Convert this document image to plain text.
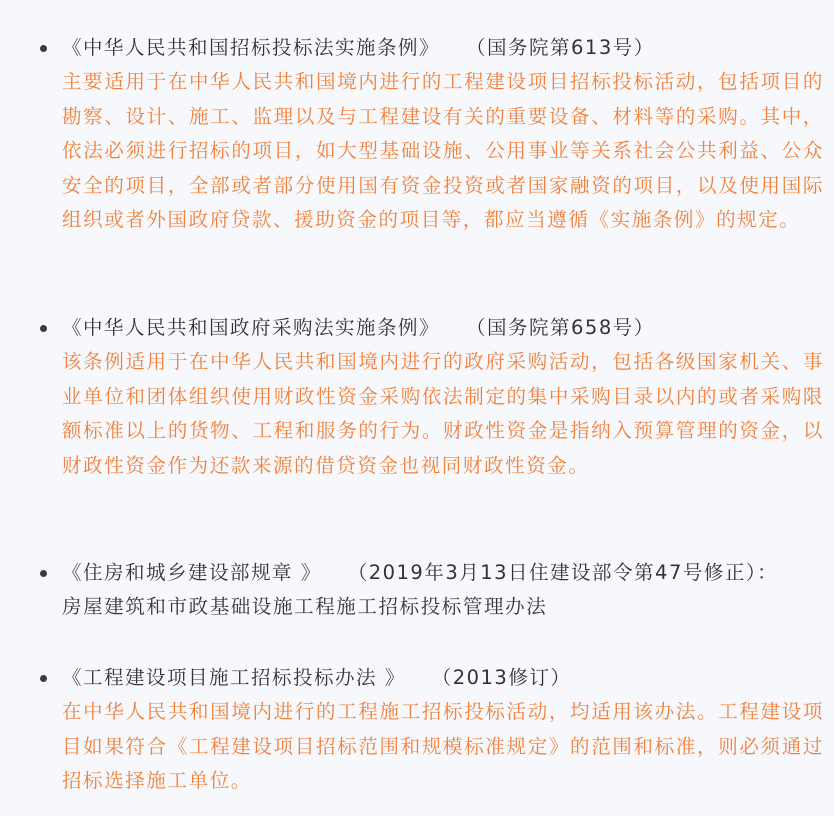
《中华人民共和国招标投标法实施条例》 （国务院第613号）
主要适用于在中华人民共和国境内进行的工程建设项目招标投标活动，包括项目的勘察、设计、施工、监理以及与工程建设有关的重要设备、材料等的采购。其中，依法必须进行招标的项目，如大型基础设施、公用事业等关系社会公共利益、公众安全的项目，全部或者部分使用国有资金投资或者国家融资的项目，以及使用国际组织或者外国政府贷款、援助资金的项目等，都应当遵循《实施条例》的规定。
《中华人民共和国政府采购法实施条例》 （国务院第658号）
该条例适用于在中华人民共和国境内进行的政府采购活动，包括各级国家机关、事业单位和团体组织使用财政性资金采购依法制定的集中采购目录以内的或者采购限额标准以上的货物、工程和服务的行为。财政性资金是指纳入预算管理的资金，以财政性资金作为还款来源的借贷资金也视同财政性资金。
《住房和城乡建设部规章 》 （2019年3月13日住建设部令第47号修正）：
房屋建筑和市政基础设施工程施工招标投标管理办法
《工程建设项目施工招标投标办法 》 （2013修订）
在中华人民共和国境内进行的工程施工招标投标活动，均适用该办法。工程建设项目如果符合《工程建设项目招标范围和规模标准规定》的范围和标准，则必须通过招标选择施工单位。
